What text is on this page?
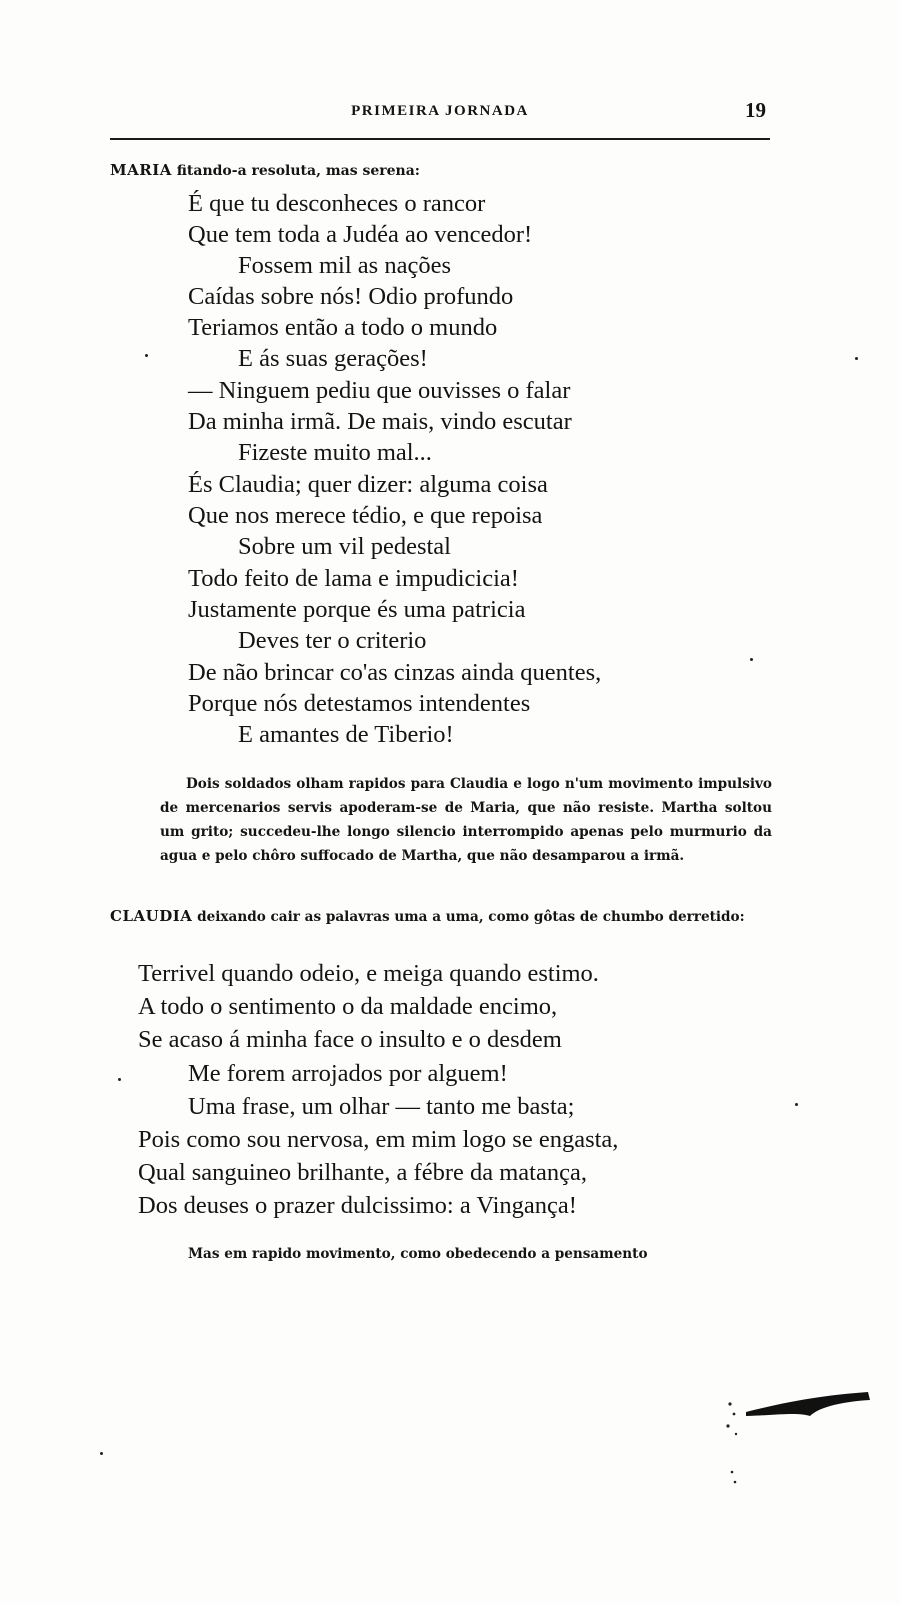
PRIMEIRA JORNADA	19
MARIA fitando-a resoluta, mas serena:
É que tu desconheces o rancor
Que tem toda a Judéa ao vencedor!
Fossem mil as nações
Caídas sobre nós! Odio profundo
Teriamos então a todo o mundo
E ás suas gerações!
— Ninguem pediu que ouvisses o falar
Da minha irmã. De mais, vindo escutar
Fizeste muito mal...
És Claudia; quer dizer: alguma coisa
Que nos merece tédio, e que repoisa
Sobre um vil pedestal
Todo feito de lama e impudicicia!
Justamente porque és uma patricia
Deves ter o criterio
De não brincar co'as cinzas ainda quentes,
Porque nós detestamos intendentes
E amantes de Tiberio!
Dois soldados olham rapidos para Claudia e logo n'um movimento impulsivo de mercenarios servis apoderam-se de Maria, que não resiste. Martha soltou um grito; succedeu-lhe longo silencio interrompido apenas pelo murmurio da agua e pelo chôro suffocado de Martha, que não desamparou a irmã.
CLAUDIA deixando cair as palavras uma a uma, como gôtas de chumbo derretido:
Terrivel quando odeio, e meiga quando estimo.
A todo o sentimento o da maldade encimo,
Se acaso á minha face o insulto e o desdem
Me forem arrojados por alguem!
Uma frase, um olhar — tanto me basta;
Pois como sou nervosa, em mim logo se engasta,
Qual sanguineo brilhante, a fébre da matança,
Dos deuses o prazer dulcissimo: a Vingança!
Mas em rapido movimento, como obedecendo a pensamento
